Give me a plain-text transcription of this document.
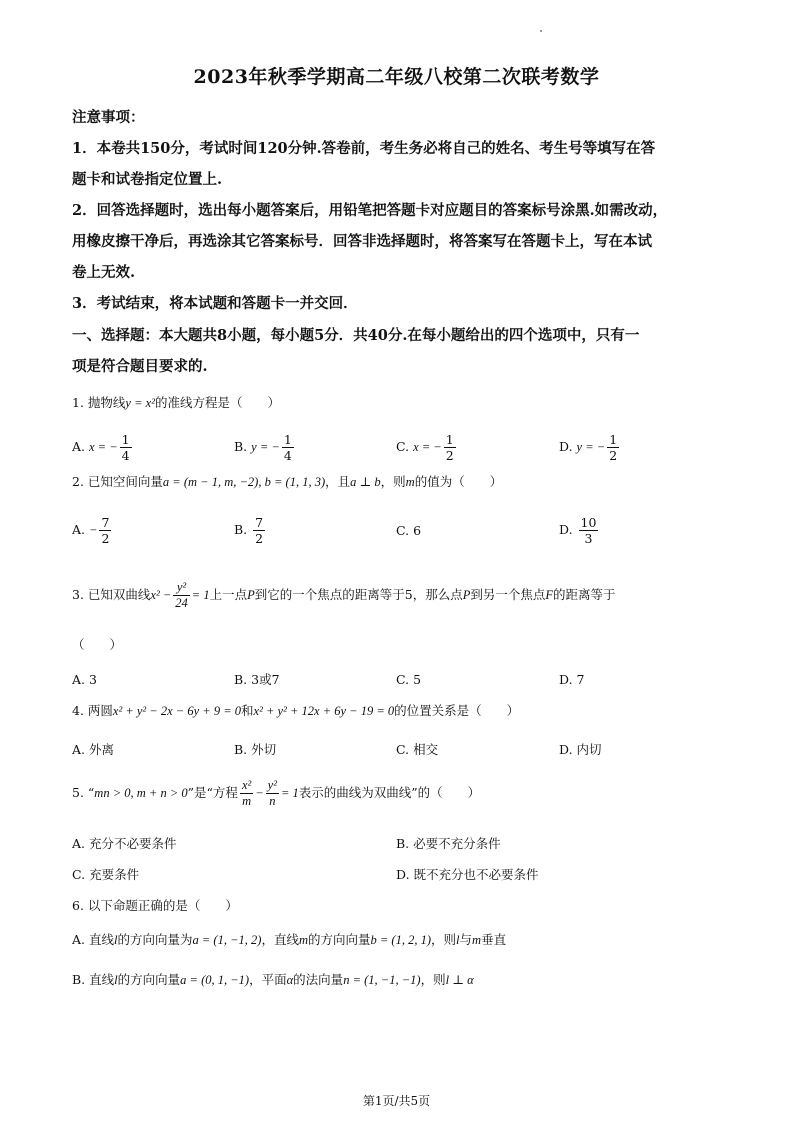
2023年秋季学期高二年级八校第二次联考数学
注意事项：
1．本卷共150分，考试时间120分钟.答卷前，考生务必将自己的姓名、考生号等填写在答
题卡和试卷指定位置上.
2．回答选择题时，选出每小题答案后，用铅笔把答题卡对应题目的答案标号涂黑.如需改动，
用橡皮擦干净后，再选涂其它答案标号．回答非选择题时，将答案写在答题卡上，写在本试
卷上无效.
3．考试结束，将本试题和答题卡一并交回．
一、选择题：本大题共8小题，每小题5分．共40分.在每小题给出的四个选项中，只有一
项是符合题目要求的.
1. 抛物线y = x²的准线方程是（　　）
A. x = − $\frac{1}{4}$	B. y = − $\frac{1}{4}$	C. x = − $\frac{1}{2}$	D. y = − $\frac{1}{2}$
2. 已知空间向量a = (m − 1, m, −2), b = (1, 1, 3)，且a ⊥ b，则m的值为（　　）
A. − $\frac{7}{2}$	B. $\frac{7}{2}$	C. 6	D. $\frac{10}{3}$
3. 已知双曲线$x^2 - \frac{\text{y²}}{24} = 1$上一点P到它的一个焦点的距离等于5，那么点P到另一个焦点F的距离等于
（　　）
A. 3	B. 3或7	C. 5	D. 7
4. 两圆x² + y² − 2x − 6y + 9 = 0和x² + y² + 12x + 6y − 19 = 0的位置关系是（　　）
A. 外离	B. 外切	C. 相交	D. 内切
5. “mn > 0, m + n > 0”是“方程 $\frac{\text{x²}}{m} - \frac{\text{y²}}{n} = 1$表示的曲线为双曲线”的（　　）
A. 充分不必要条件	B. 必要不充分条件
C. 充要条件	D. 既不充分也不必要条件
6. 以下命题正确的是（　　）
A. 直线l的方向向量为a = (1, −1, 2)，直线m的方向向量b = (1, 2, 1)，则l与m垂直
B. 直线l的方向向量a = (0, 1, −1)，平面α的法向量n = (1, −1, −1)，则l ⊥ α
第1页/共5页
